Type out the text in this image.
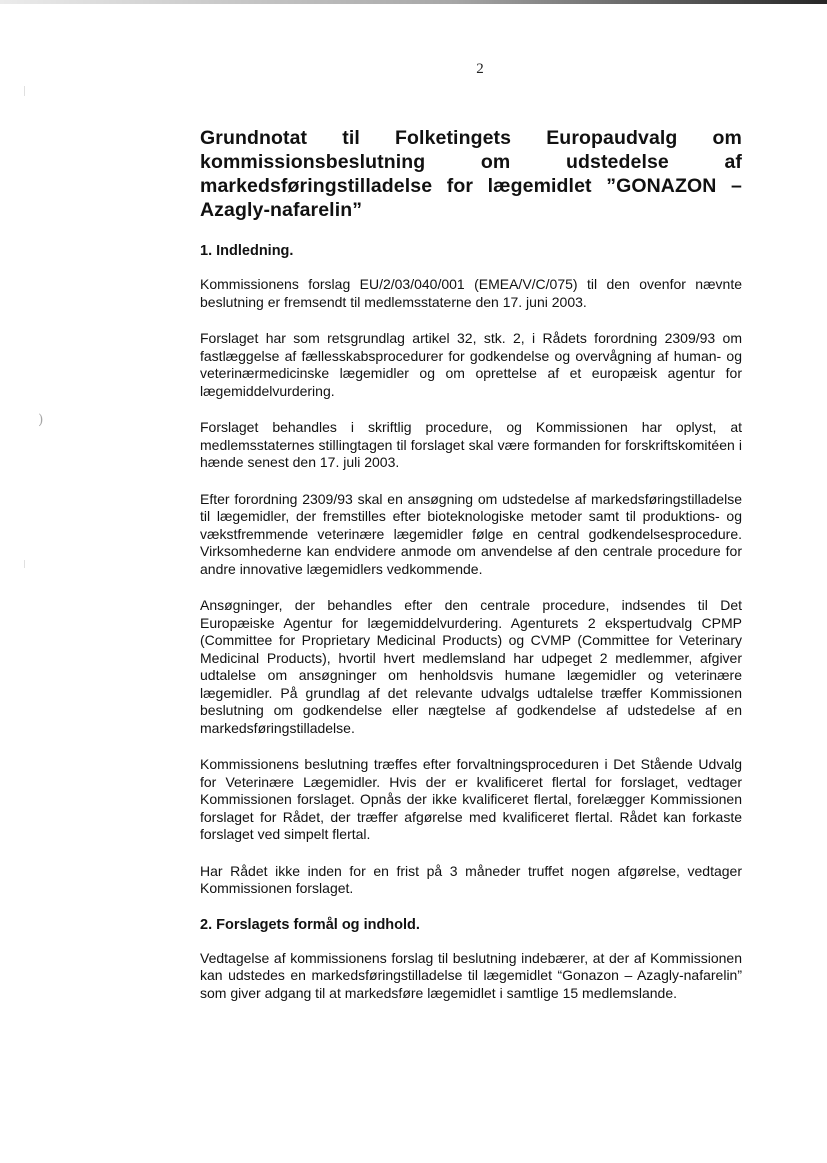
)
2
Grundnotat til Folketingets Europaudvalg om kommissionsbeslutning om udstedelse af markedsføringstilladelse for lægemidlet ”GONAZON – Azagly-nafarelin”
1. Indledning.

Kommissionens forslag EU/2/03/040/001 (EMEA/V/C/075) til den ovenfor nævnte beslutning er fremsendt til medlemsstaterne den 17. juni 2003.

Forslaget har som retsgrundlag artikel 32, stk. 2, i Rådets forordning 2309/93 om fastlæggelse af fællesskabsprocedurer for godkendelse og overvågning af human- og veterinærmedicinske lægemidler og om oprettelse af et europæisk agentur for lægemiddelvurdering.

Forslaget behandles i skriftlig procedure, og Kommissionen har oplyst, at medlemsstaternes stillingtagen til forslaget skal være formanden for forskriftskomitéen i hænde senest den 17. juli 2003.

Efter forordning 2309/93 skal en ansøgning om udstedelse af markedsføringstilladelse til lægemidler, der fremstilles efter bioteknologiske metoder samt til produktions- og vækstfremmende veterinære lægemidler følge en central godkendelsesprocedure. Virksomhederne kan endvidere anmode om anvendelse af den centrale procedure for andre innovative lægemidlers vedkommende.

Ansøgninger, der behandles efter den centrale procedure, indsendes til Det Europæiske Agentur for lægemiddelvurdering. Agenturets 2 ekspertudvalg CPMP (Committee for Proprietary Medicinal Products) og CVMP (Committee for Veterinary Medicinal Products), hvortil hvert medlemsland har udpeget 2 medlemmer, afgiver udtalelse om ansøgninger om henholdsvis humane lægemidler og veterinære lægemidler. På grundlag af det relevante udvalgs udtalelse træffer Kommissionen beslutning om godkendelse eller nægtelse af godkendelse af udstedelse af en markedsføringstilladelse.

Kommissionens beslutning træffes efter forvaltningsproceduren i Det Stående Udvalg for Veterinære Lægemidler. Hvis der er kvalificeret flertal for forslaget, vedtager Kommissionen forslaget. Opnås der ikke kvalificeret flertal, forelægger Kommissionen forslaget for Rådet, der træffer afgørelse med kvalificeret flertal. Rådet kan forkaste forslaget ved simpelt flertal.

Har Rådet ikke inden for en frist på 3 måneder truffet nogen afgørelse, vedtager Kommissionen forslaget.

2. Forslagets formål og indhold.

Vedtagelse af kommissionens forslag til beslutning indebærer, at der af Kommissionen kan udstedes en markedsføringstilladelse til lægemidlet “Gonazon – Azagly-nafarelin” som giver adgang til at markedsføre lægemidlet i samtlige 15 medlemslande.
